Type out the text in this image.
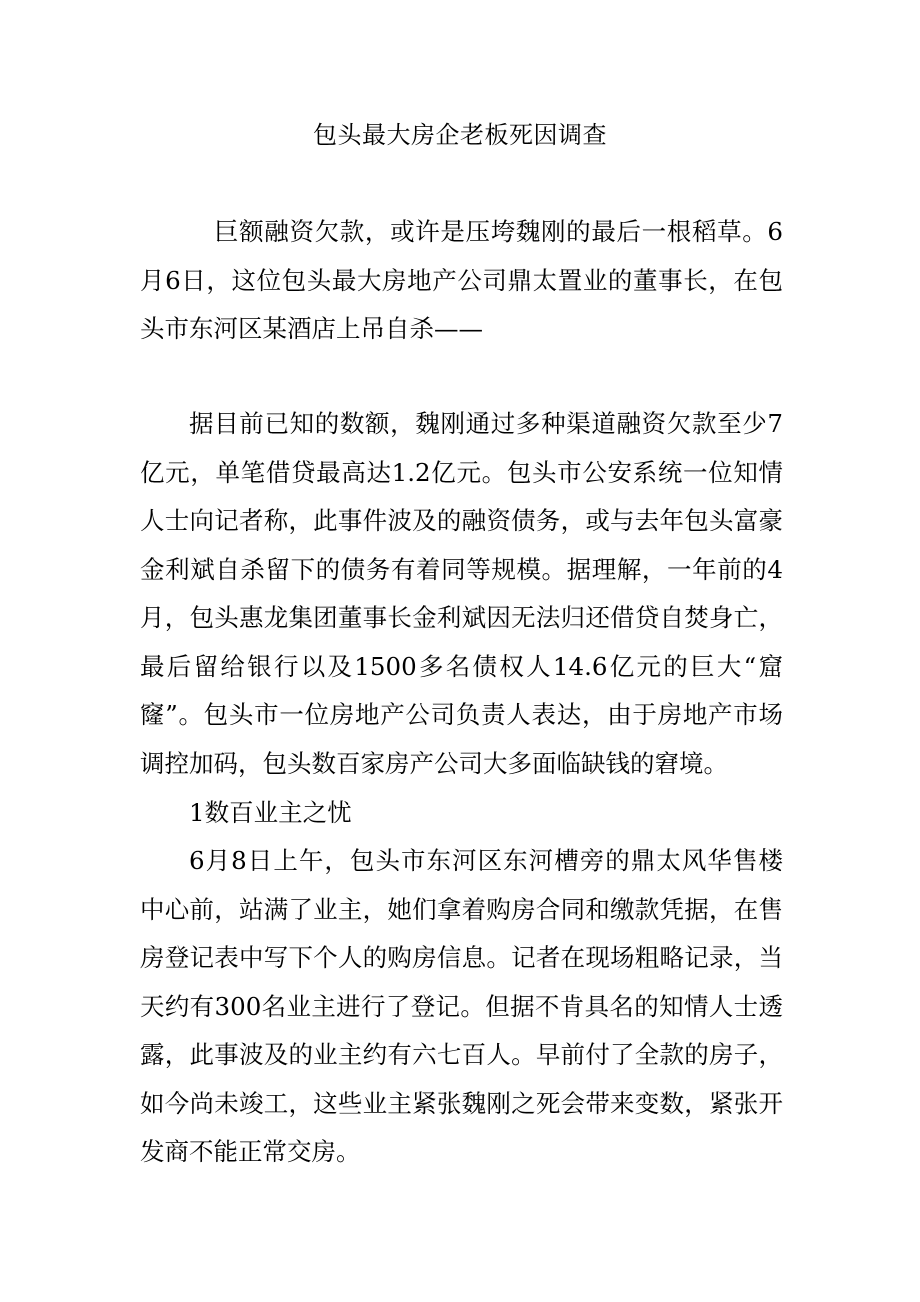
包头最大房企老板死因调查

巨额融资欠款，或许是压垮魏刚的最后一根稻草。6月6日，这位包头最大房地产公司鼎太置业的董事长，在包头市东河区某酒店上吊自杀——

据目前已知的数额，魏刚通过多种渠道融资欠款至少7亿元，单笔借贷最高达1.2亿元。包头市公安系统一位知情人士向记者称，此事件波及的融资债务，或与去年包头富豪金利斌自杀留下的债务有着同等规模。据理解，一年前的4月，包头惠龙集团董事长金利斌因无法归还借贷自焚身亡，最后留给银行以及1500多名债权人14.6亿元的巨大“窟窿”。包头市一位房地产公司负责人表达，由于房地产市场调控加码，包头数百家房产公司大多面临缺钱的窘境。

1数百业主之忧

6月8日上午，包头市东河区东河槽旁的鼎太风华售楼中心前，站满了业主，她们拿着购房合同和缴款凭据，在售房登记表中写下个人的购房信息。记者在现场粗略记录，当天约有300名业主进行了登记。但据不肯具名的知情人士透露，此事波及的业主约有六七百人。早前付了全款的房子，如今尚未竣工，这些业主紧张魏刚之死会带来变数，紧张开发商不能正常交房。
